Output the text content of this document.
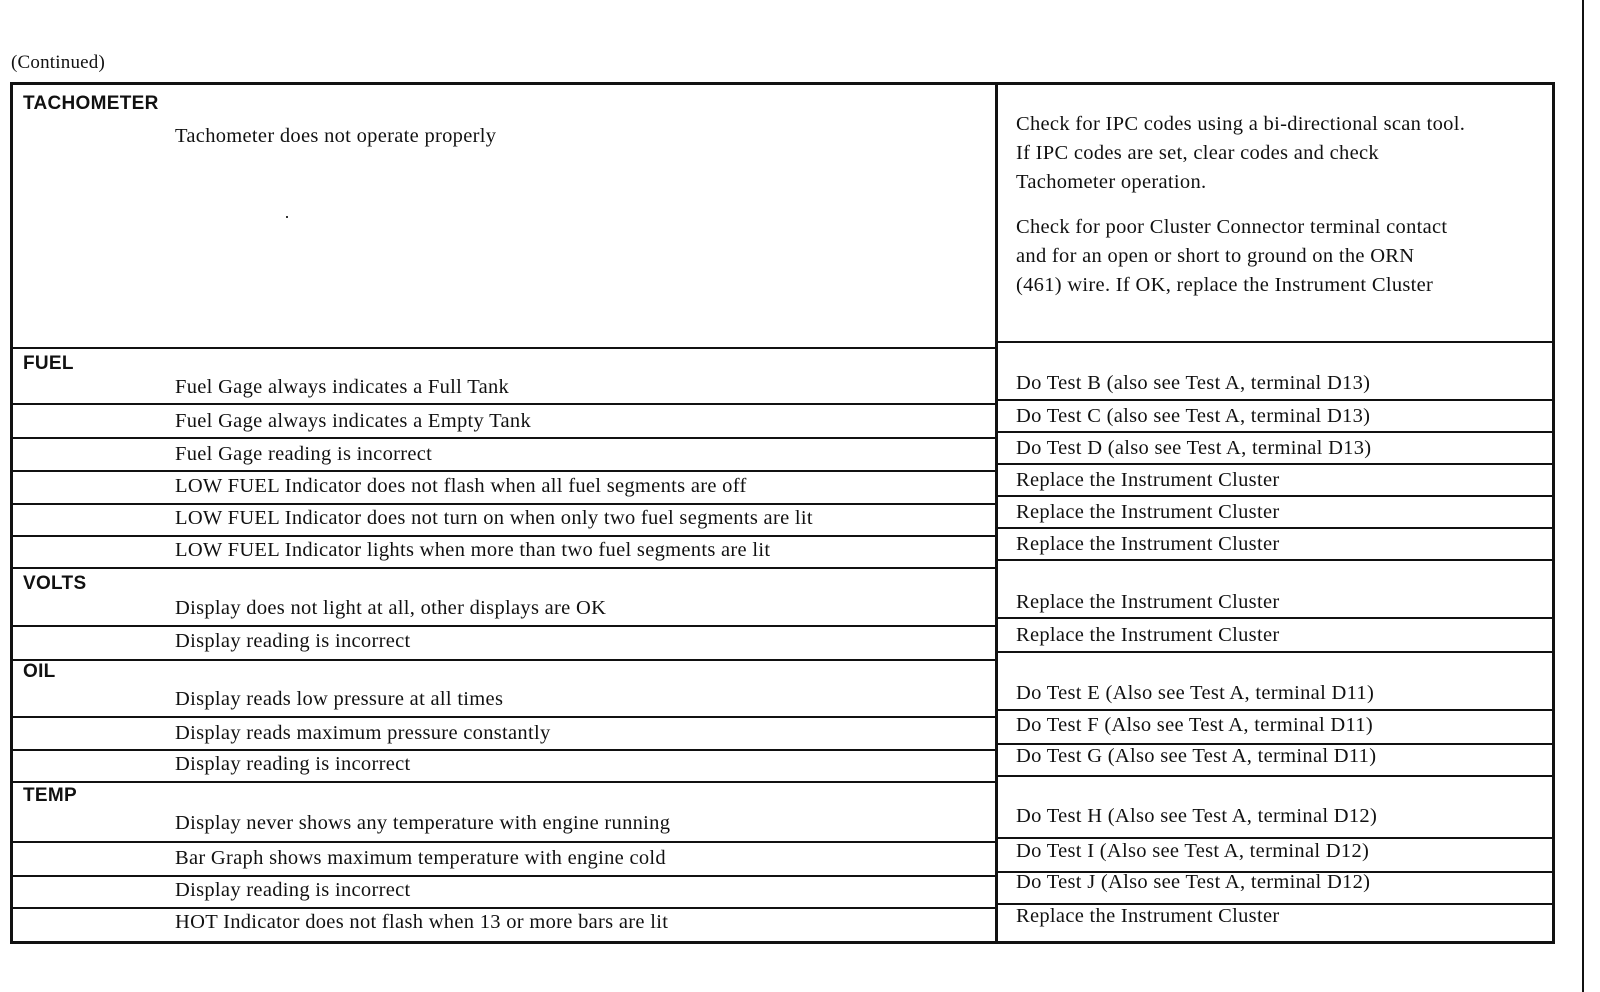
(Continued)
TACHOMETER
Tachometer does not operate properly
Check for IPC codes using a bi-directional scan tool.
If IPC codes are set, clear codes and check
Tachometer operation.
Check for poor Cluster Connector terminal contact
and for an open or short to ground on the ORN
(461) wire. If OK, replace the Instrument Cluster
FUEL
Fuel Gage always indicates a Full Tank	Do Test B (also see Test A, terminal D13)
Fuel Gage always indicates a Empty Tank	Do Test C (also see Test A, terminal D13)
Fuel Gage reading is incorrect	Do Test D (also see Test A, terminal D13)
LOW FUEL Indicator does not flash when all fuel segments are off	Replace the Instrument Cluster
LOW FUEL Indicator does not turn on when only two fuel segments are lit	Replace the Instrument Cluster
LOW FUEL Indicator lights when more than two fuel segments are lit	Replace the Instrument Cluster
VOLTS
Display does not light at all, other displays are OK	Replace the Instrument Cluster
Display reading is incorrect	Replace the Instrument Cluster
OIL
Display reads low pressure at all times	Do Test E (Also see Test A, terminal D11)
Display reads maximum pressure constantly	Do Test F (Also see Test A, terminal D11)
Display reading is incorrect	Do Test G (Also see Test A, terminal D11)
TEMP
Display never shows any temperature with engine running	Do Test H (Also see Test A, terminal D12)
Bar Graph shows maximum temperature with engine cold	Do Test I (Also see Test A, terminal D12)
Display reading is incorrect	Do Test J (Also see Test A, terminal D12)
HOT Indicator does not flash when 13 or more bars are lit	Replace the Instrument Cluster
